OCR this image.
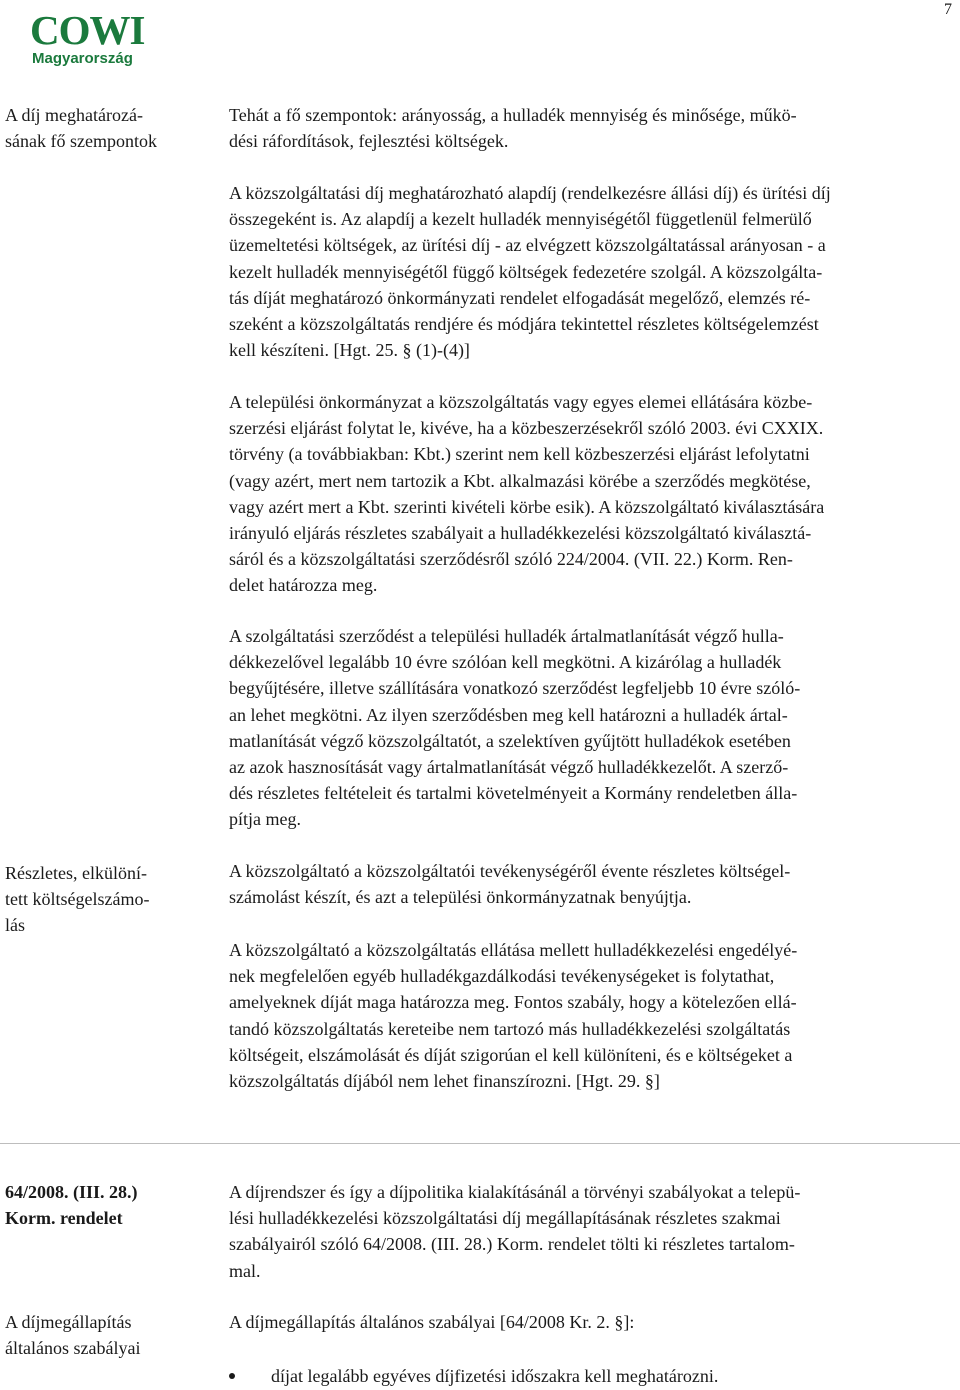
COWI
Magyarország
7
A díj meghatározá-
sának fő szempontok
Részletes, elkülöní-
tett költségelszámo-
lás
64/2008. (III. 28.)
Korm. rendelet
A díjmegállapítás
általános szabályai
Tehát a fő szempontok: arányosság, a hulladék mennyiség és minősége, műkö-
dési ráfordítások, fejlesztési költségek.
A közszolgáltatási díj meghatározható alapdíj (rendelkezésre állási díj) és ürítési díj
összegeként is. Az alapdíj a kezelt hulladék mennyiségétől függetlenül felmerülő
üzemeltetési költségek, az ürítési díj - az elvégzett közszolgáltatással arányosan - a
kezelt hulladék mennyiségétől függő költségek fedezetére szolgál. A közszolgálta-
tás díját meghatározó önkormányzati rendelet elfogadását megelőző, elemzés ré-
szeként a közszolgáltatás rendjére és módjára tekintettel részletes költségelemzést
kell készíteni. [Hgt. 25. § (1)-(4)]
A települési önkormányzat a közszolgáltatás vagy egyes elemei ellátására közbe-
szerzési eljárást folytat le, kivéve, ha a közbeszerzésekről szóló 2003. évi CXXIX.
törvény (a továbbiakban: Kbt.) szerint nem kell közbeszerzési eljárást lefolytatni
(vagy azért, mert nem tartozik a Kbt. alkalmazási körébe a szerződés megkötése,
vagy azért mert a Kbt. szerinti kivételi körbe esik). A közszolgáltató kiválasztására
irányuló eljárás részletes szabályait a hulladékkezelési közszolgáltató kiválasztá-
sáról és a közszolgáltatási szerződésről szóló 224/2004. (VII. 22.) Korm. Ren-
delet határozza meg.
A szolgáltatási szerződést a települési hulladék ártalmatlanítását végző hulla-
dékkezelővel legalább 10 évre szólóan kell megkötni. A kizárólag a hulladék
begyűjtésére, illetve szállítására vonatkozó szerződést legfeljebb 10 évre szóló-
an lehet megkötni. Az ilyen szerződésben meg kell határozni a hulladék ártal-
matlanítását végző közszolgáltatót, a szelektíven gyűjtött hulladékok esetében
az azok hasznosítását vagy ártalmatlanítását végző hulladékkezelőt. A szerző-
dés részletes feltételeit és tartalmi követelményeit a Kormány rendeletben álla-
pítja meg.
A közszolgáltató a közszolgáltatói tevékenységéről évente részletes költségel-
számolást készít, és azt a települési önkormányzatnak benyújtja.
A közszolgáltató a közszolgáltatás ellátása mellett hulladékkezelési engedélyé-
nek megfelelően egyéb hulladékgazdálkodási tevékenységeket is folytathat,
amelyeknek díját maga határozza meg. Fontos szabály, hogy a kötelezően ellá-
tandó közszolgáltatás kereteibe nem tartozó más hulladékkezelési szolgáltatás
költségeit, elszámolását és díját szigorúan el kell különíteni, és e költségeket a
közszolgáltatás díjából nem lehet finanszírozni. [Hgt. 29. §]
A díjrendszer és így a díjpolitika kialakításánál a törvényi szabályokat a telepü-
lési hulladékkezelési közszolgáltatási díj megállapításának részletes szakmai
szabályairól szóló 64/2008. (III. 28.) Korm. rendelet tölti ki részletes tartalom-
mal.
A díjmegállapítás általános szabályai [64/2008 Kr. 2. §]:
díjat legalább egyéves díjfizetési időszakra kell meghatározni.
